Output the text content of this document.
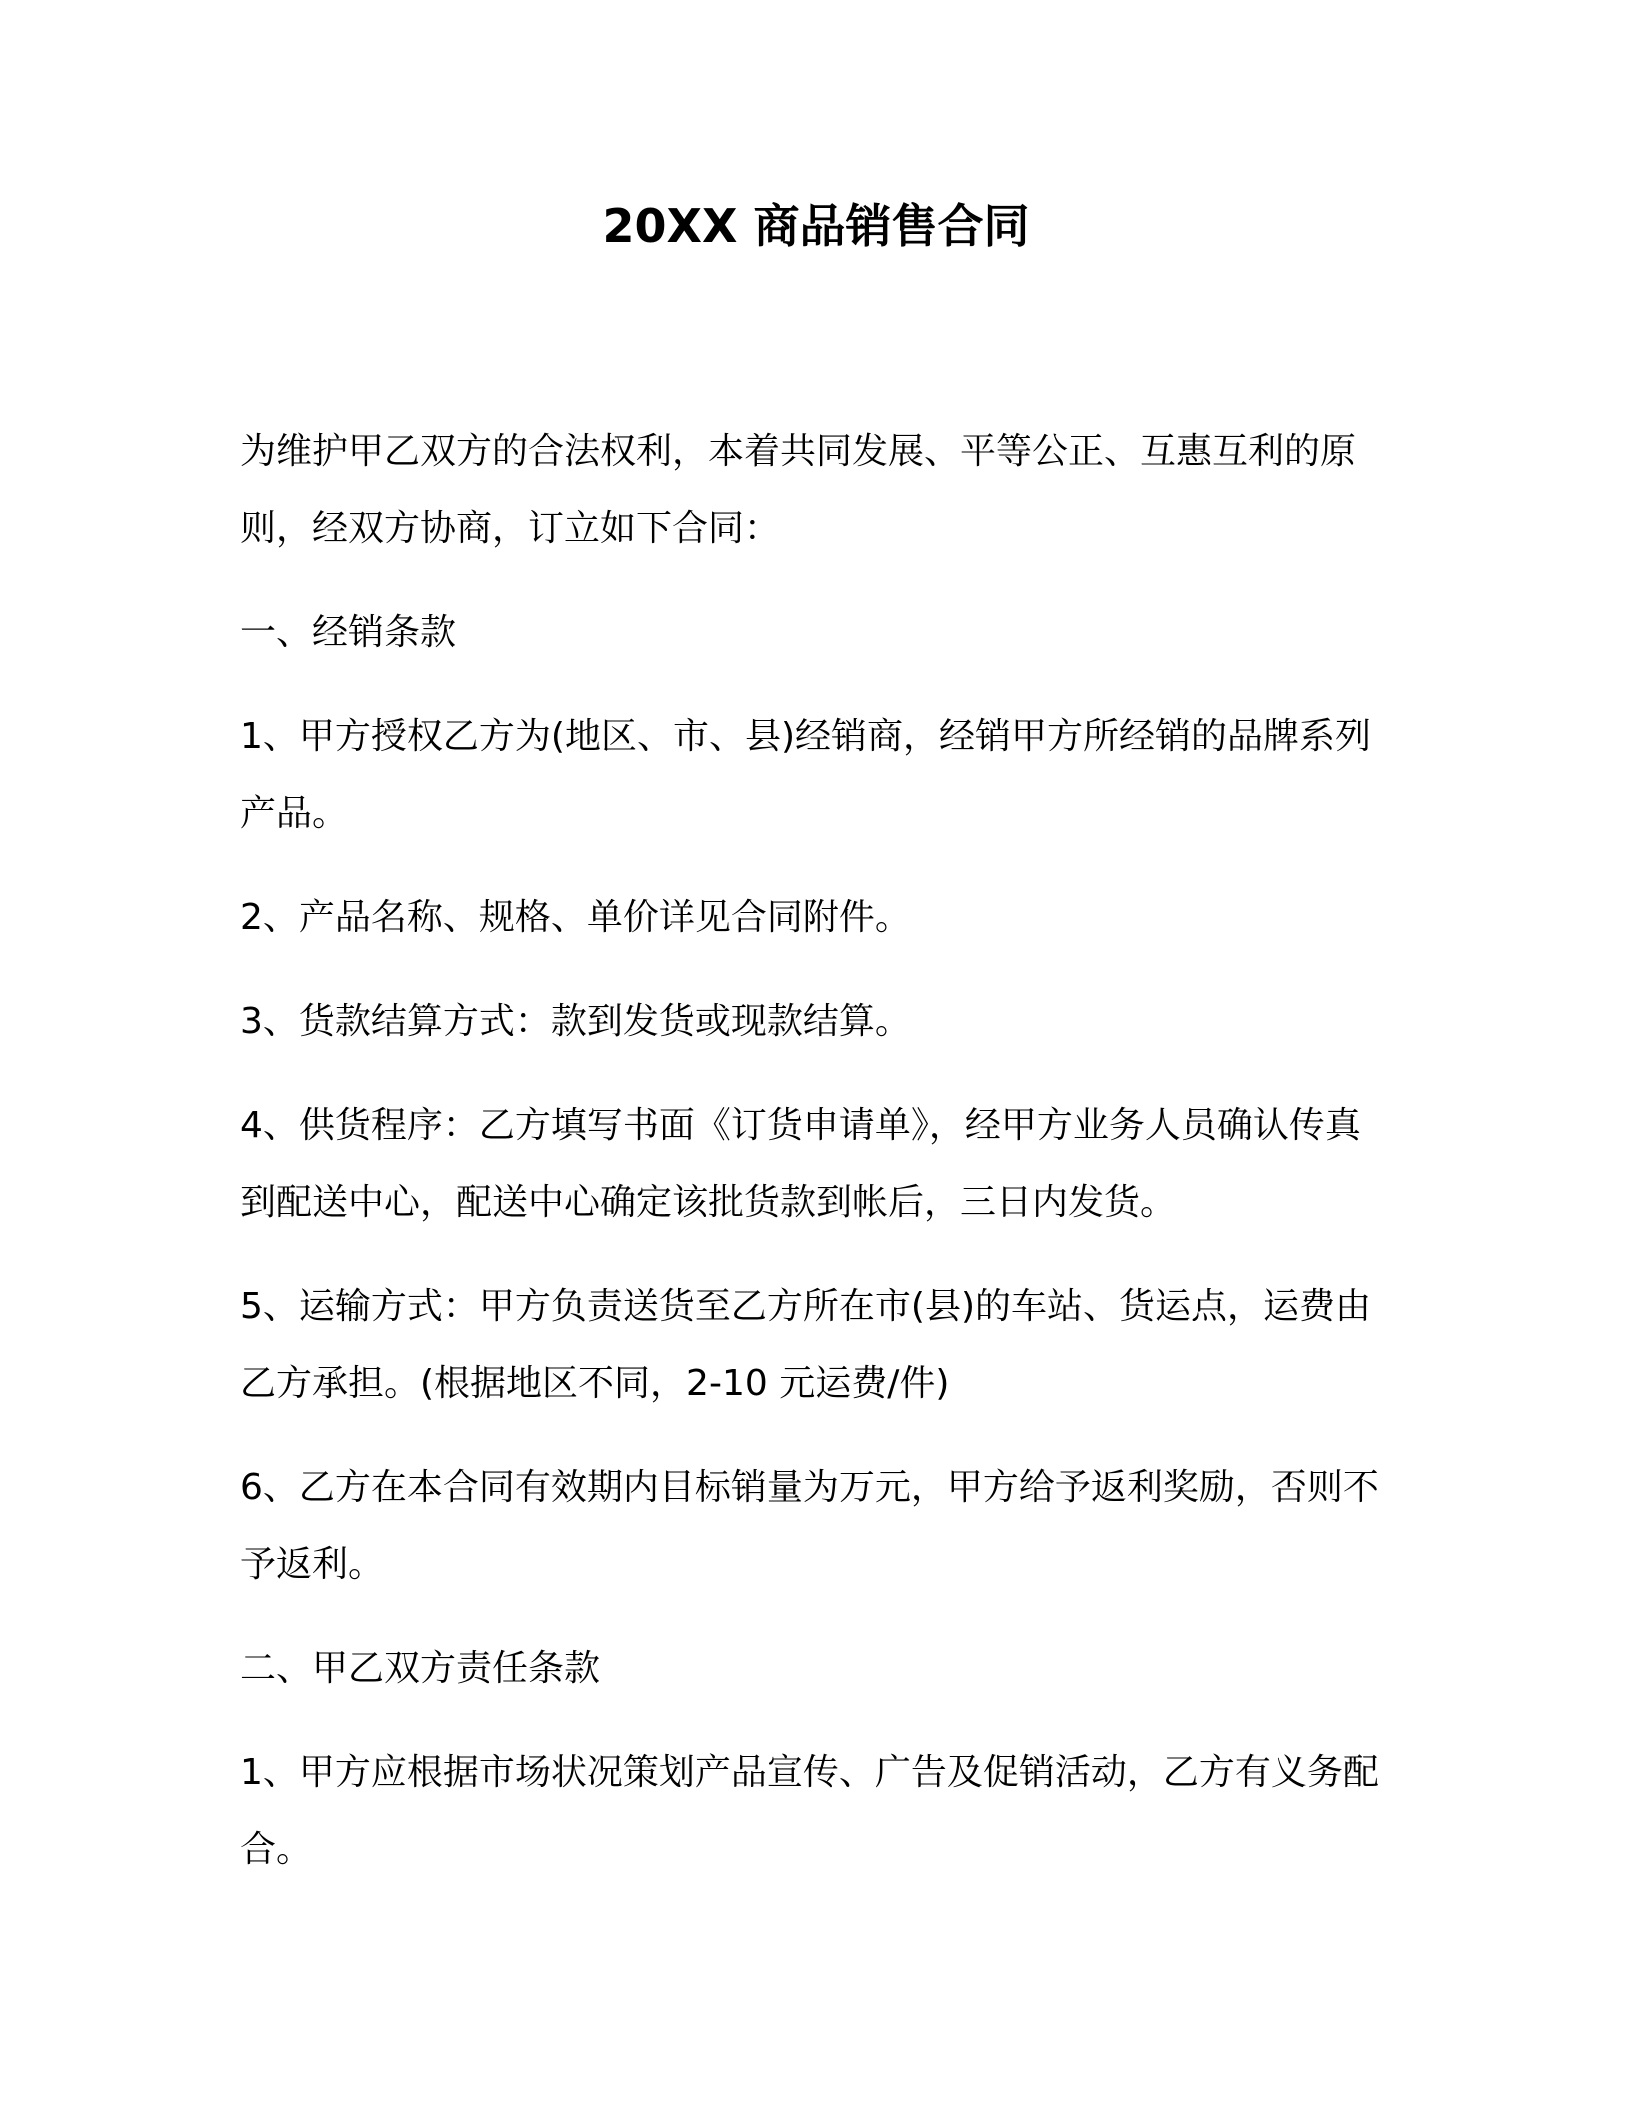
20XX 商品销售合同

为维护甲乙双方的合法权利，本着共同发展、平等公正、互惠互利的原则，经双方协商，订立如下合同：

一、经销条款

1、甲方授权乙方为(地区、市、县)经销商，经销甲方所经销的品牌系列产品。

2、产品名称、规格、单价详见合同附件。

3、货款结算方式：款到发货或现款结算。

4、供货程序：乙方填写书面《订货申请单》，经甲方业务人员确认传真到配送中心，配送中心确定该批货款到帐后，三日内发货。

5、运输方式：甲方负责送货至乙方所在市(县)的车站、货运点，运费由乙方承担。(根据地区不同，2-10 元运费/件)

6、乙方在本合同有效期内目标销量为万元，甲方给予返利奖励，否则不予返利。

二、甲乙双方责任条款

1、甲方应根据市场状况策划产品宣传、广告及促销活动，乙方有义务配合。
